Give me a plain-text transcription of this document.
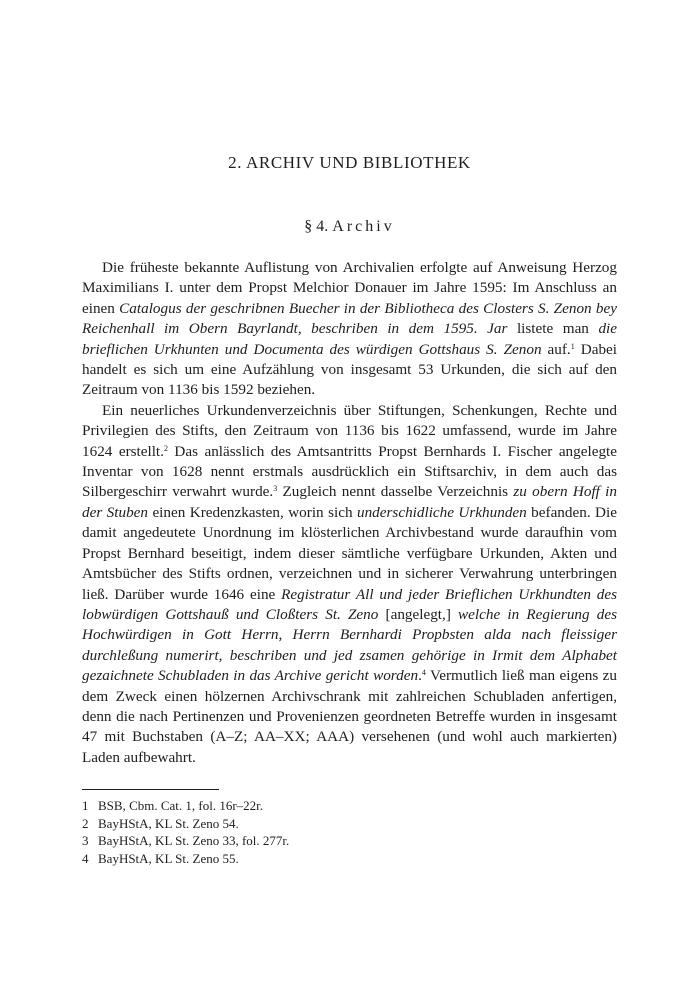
2. ARCHIV UND BIBLIOTHEK
§ 4. Archiv

Die früheste bekannte Auflistung von Archivalien erfolgte auf Anweisung Herzog Maximilians I. unter dem Propst Melchior Donauer im Jahre 1595: Im Anschluss an einen Catalogus der geschribnen Buecher in der Bibliotheca des Closters S. Zenon bey Reichenhall im Obern Bayrlandt, beschriben in dem 1595. Jar listete man die brieflichen Urkhunten und Documenta des würdigen Gottshaus S. Zenon auf.$^1$ Dabei handelt es sich um eine Aufzählung von insgesamt 53 Urkunden, die sich auf den Zeitraum von 1136 bis 1592 beziehen.

Ein neuerliches Urkundenverzeichnis über Stiftungen, Schenkungen, Rechte und Privilegien des Stifts, den Zeitraum von 1136 bis 1622 umfassend, wurde im Jahre 1624 erstellt.$^2$ Das anlässlich des Amtsantritts Propst Bernhards I. Fischer angelegte Inventar von 1628 nennt erstmals ausdrücklich ein Stiftsarchiv, in dem auch das Silbergeschirr verwahrt wurde.$^3$ Zugleich nennt dasselbe Verzeichnis zu obern Hoff in der Stuben einen Kredenzkasten, worin sich underschidliche Urkhunden befanden. Die damit angedeutete Unordnung im klösterlichen Archivbestand wurde daraufhin vom Propst Bernhard beseitigt, indem dieser sämtliche verfügbare Urkunden, Akten und Amtsbücher des Stifts ordnen, verzeichnen und in sicherer Verwahrung unterbringen ließ. Darüber wurde 1646 eine Registratur All und jeder Brieflichen Urkhundten des lobwürdigen Gottshauß und Cloßters St. Zeno [angelegt,] welche in Regierung des Hochwürdigen in Gott Herrn, Herrn Bernhardi Propbsten alda nach fleissiger durchleßung numerirt, beschriben und jed zsamen gehörige in Irmit dem Alphabet gezaichnete Schubladen in das Archive gericht worden.$^4$ Vermutlich ließ man eigens zu dem Zweck einen hölzernen Archivschrank mit zahlreichen Schubladen anfertigen, denn die nach Pertinenzen und Provenienzen geordneten Betreffe wurden in insgesamt 47 mit Buchstaben (A–Z; AA–XX; AAA) versehenen (und wohl auch markierten) Laden aufbewahrt.

1 BSB, Cbm. Cat. 1, fol. 16r–22r.
2 BayHStA, KL St. Zeno 54.
3 BayHStA, KL St. Zeno 33, fol. 277r.
4 BayHStA, KL St. Zeno 55.
